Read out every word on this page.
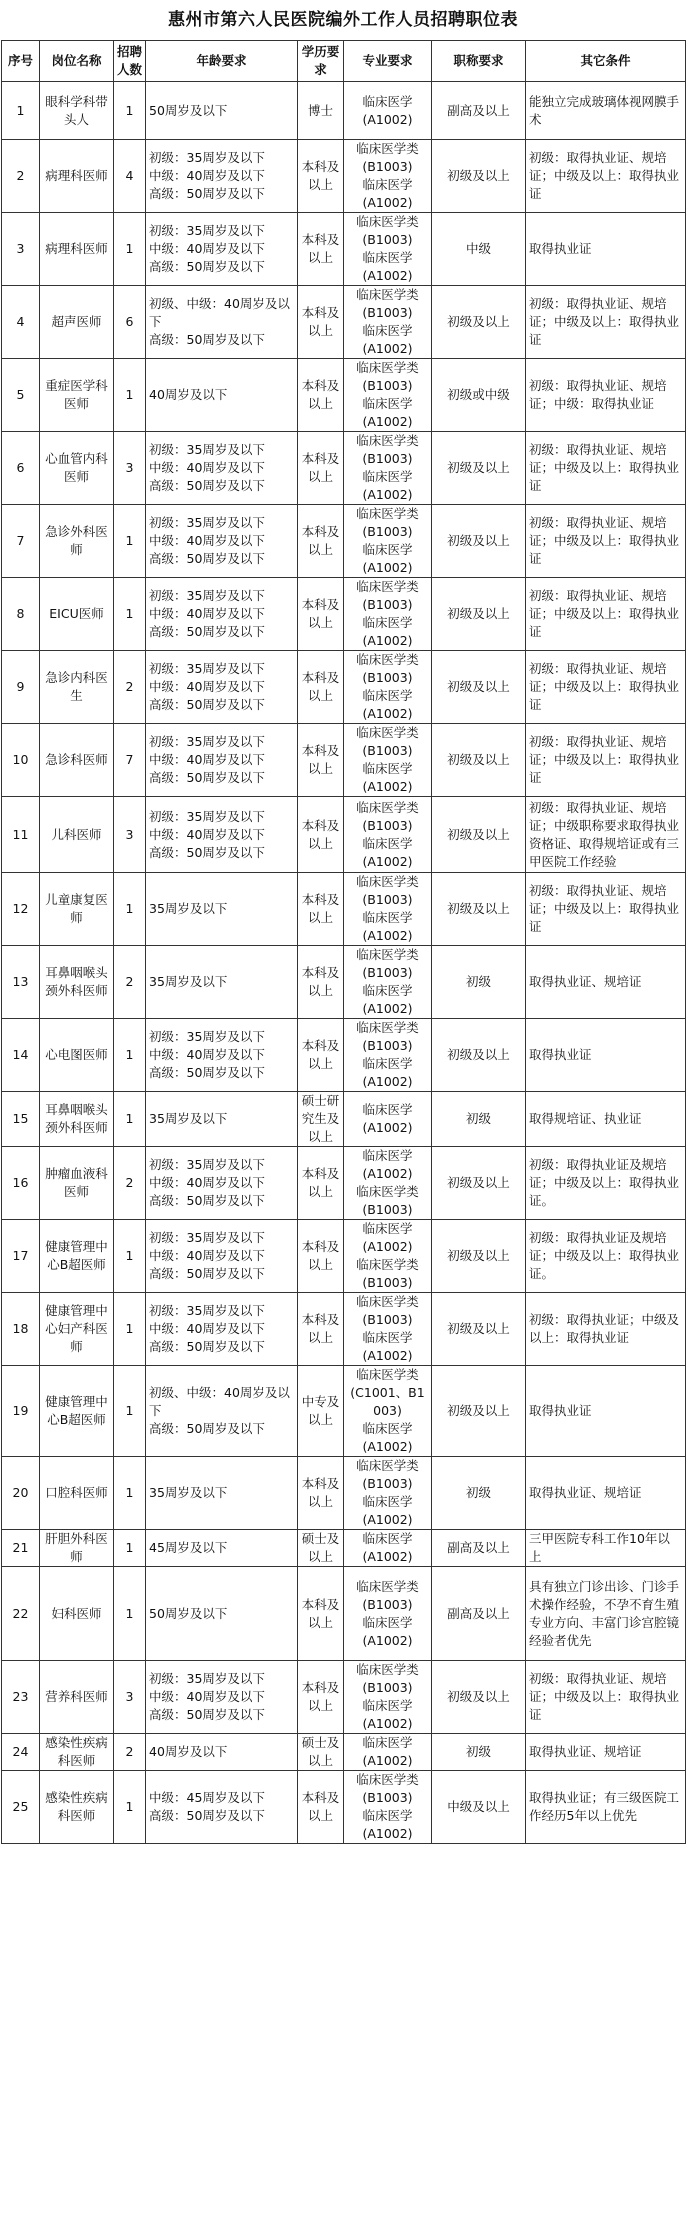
惠州市第六人民医院编外工作人员招聘职位表
序号	岗位名称	招聘人数	年龄要求	学历要求	专业要求	职称要求	其它条件
1	眼科学科带头人	1	50周岁及以下	博士	临床医学
(A1002)	副高及以上	能独立完成玻璃体视网膜手术
2	病理科医师	4	初级：35周岁及以下
中级：40周岁及以下
高级：50周岁及以下	本科及以上	临床医学类
(B1003)
临床医学
(A1002)	初级及以上	初级：取得执业证、规培证；中级及以上：取得执业证
3	病理科医师	1	初级：35周岁及以下
中级：40周岁及以下
高级：50周岁及以下	本科及以上	临床医学类
(B1003)
临床医学
(A1002)	中级	取得执业证
4	超声医师	6	初级、中级：40周岁及以下
高级：50周岁及以下	本科及以上	临床医学类
(B1003)
临床医学
(A1002)	初级及以上	初级：取得执业证、规培证；中级及以上：取得执业证
5	重症医学科医师	1	40周岁及以下	本科及以上	临床医学类
(B1003)
临床医学
(A1002)	初级或中级	初级：取得执业证、规培证；中级：取得执业证
6	心血管内科医师	3	初级：35周岁及以下
中级：40周岁及以下
高级：50周岁及以下	本科及以上	临床医学类
(B1003)
临床医学
(A1002)	初级及以上	初级：取得执业证、规培证；中级及以上：取得执业证
7	急诊外科医师	1	初级：35周岁及以下
中级：40周岁及以下
高级：50周岁及以下	本科及以上	临床医学类
(B1003)
临床医学
(A1002)	初级及以上	初级：取得执业证、规培证；中级及以上：取得执业证
8	EICU医师	1	初级：35周岁及以下
中级：40周岁及以下
高级：50周岁及以下	本科及以上	临床医学类
(B1003)
临床医学
(A1002)	初级及以上	初级：取得执业证、规培证；中级及以上：取得执业证
9	急诊内科医生	2	初级：35周岁及以下
中级：40周岁及以下
高级：50周岁及以下	本科及以上	临床医学类
(B1003)
临床医学
(A1002)	初级及以上	初级：取得执业证、规培证；中级及以上：取得执业证
10	急诊科医师	7	初级：35周岁及以下
中级：40周岁及以下
高级：50周岁及以下	本科及以上	临床医学类
(B1003)
临床医学
(A1002)	初级及以上	初级：取得执业证、规培证；中级及以上：取得执业证
11	儿科医师	3	初级：35周岁及以下
中级：40周岁及以下
高级：50周岁及以下	本科及以上	临床医学类
(B1003)
临床医学
(A1002)	初级及以上	初级：取得执业证、规培证；中级职称要求取得执业资格证、取得规培证或有三甲医院工作经验
12	儿童康复医师	1	35周岁及以下	本科及以上	临床医学类
(B1003)
临床医学
(A1002)	初级及以上	初级：取得执业证、规培证；中级及以上：取得执业证
13	耳鼻咽喉头颈外科医师	2	35周岁及以下	本科及以上	临床医学类
(B1003)
临床医学
(A1002)	初级	取得执业证、规培证
14	心电图医师	1	初级：35周岁及以下
中级：40周岁及以下
高级：50周岁及以下	本科及以上	临床医学类
(B1003)
临床医学
(A1002)	初级及以上	取得执业证
15	耳鼻咽喉头颈外科医师	1	35周岁及以下	硕士研究生及以上	临床医学
(A1002)	初级	取得规培证、执业证
16	肿瘤血液科医师	2	初级：35周岁及以下
中级：40周岁及以下
高级：50周岁及以下	本科及以上	临床医学
(A1002)
临床医学类
(B1003)	初级及以上	初级：取得执业证及规培证；中级及以上：取得执业证。
17	健康管理中心B超医师	1	初级：35周岁及以下
中级：40周岁及以下
高级：50周岁及以下	本科及以上	临床医学
(A1002)
临床医学类
(B1003)	初级及以上	初级：取得执业证及规培证；中级及以上：取得执业证。
18	健康管理中心妇产科医师	1	初级：35周岁及以下
中级：40周岁及以下
高级：50周岁及以下	本科及以上	临床医学类
(B1003)
临床医学
(A1002)	初级及以上	初级：取得执业证；中级及以上：取得执业证
19	健康管理中心B超医师	1	初级、中级：40周岁及以下
高级：50周岁及以下	中专及以上	临床医学类
(C1001、B1003)
临床医学
(A1002)	初级及以上	取得执业证
20	口腔科医师	1	35周岁及以下	本科及以上	临床医学类
(B1003)
临床医学
(A1002)	初级	取得执业证、规培证
21	肝胆外科医师	1	45周岁及以下	硕士及以上	临床医学
(A1002)	副高及以上	三甲医院专科工作10年以上
22	妇科医师	1	50周岁及以下	本科及以上	临床医学类
(B1003)
临床医学
(A1002)	副高及以上	具有独立门诊出诊、门诊手术操作经验，不孕不育生殖专业方向、丰富门诊宫腔镜经验者优先
23	营养科医师	3	初级：35周岁及以下
中级：40周岁及以下
高级：50周岁及以下	本科及以上	临床医学类
(B1003)
临床医学
(A1002)	初级及以上	初级：取得执业证、规培证；中级及以上：取得执业证
24	感染性疾病科医师	2	40周岁及以下	硕士及以上	临床医学
(A1002)	初级	取得执业证、规培证
25	感染性疾病科医师	1	中级：45周岁及以下
高级：50周岁及以下	本科及以上	临床医学类
(B1003)
临床医学
(A1002)	中级及以上	取得执业证；有三级医院工作经历5年以上优先
